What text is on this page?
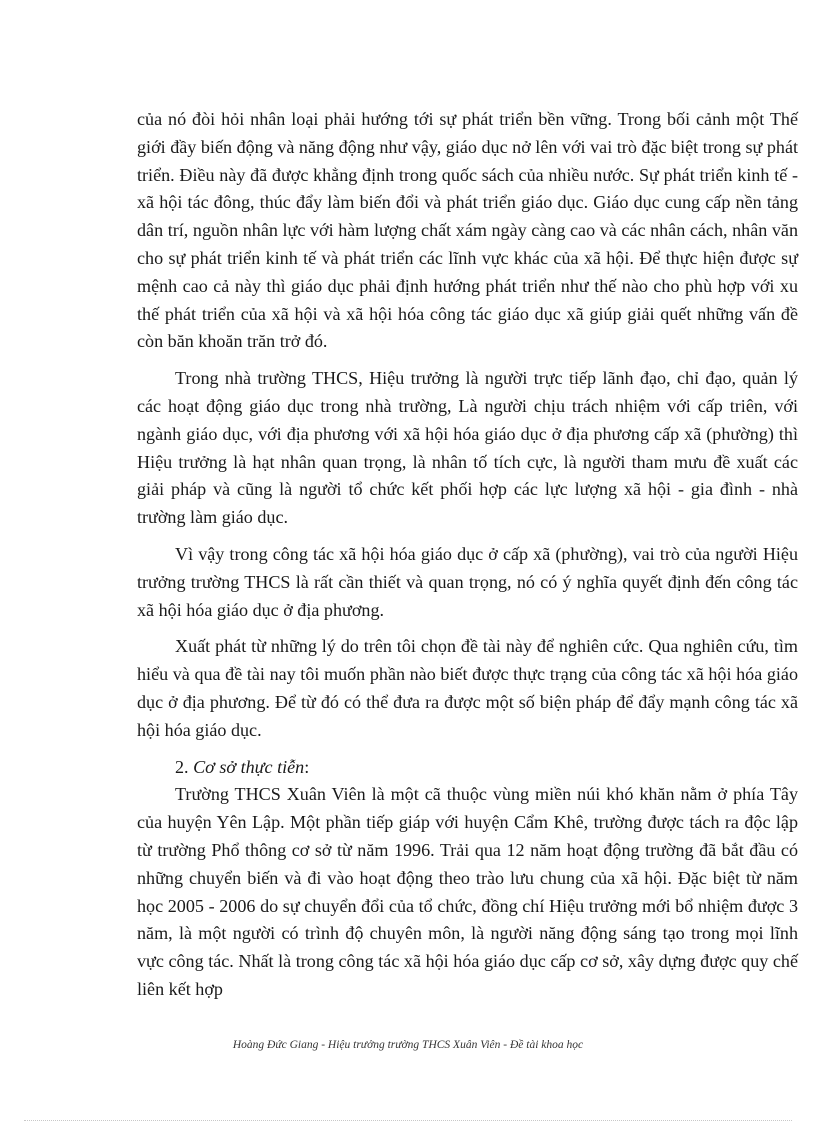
của nó đòi hỏi nhân loại phải hướng tới sự phát triển bền vững. Trong bối cảnh một Thế giới đầy biến động và năng động như vậy, giáo dục nở lên với vai trò đặc biệt trong sự phát triển. Điều này đã được khẳng định trong quốc sách của nhiều nước. Sự phát triển kinh tế - xã hội tác đông, thúc đẩy làm biến đổi và phát triển giáo dục. Giáo dục cung cấp nền tảng dân trí, nguồn nhân lực với hàm lượng chất xám ngày càng cao và các nhân cách, nhân văn cho sự phát triển kinh tế và phát triển các lĩnh vực khác của xã hội. Để thực hiện được sự mệnh cao cả này thì giáo dục phải định hướng phát triển như thế nào cho phù hợp với xu thế phát triển của xã hội và xã hội hóa công tác giáo dục xã giúp giải quết những vấn đề còn băn khoăn trăn trở đó.

Trong nhà trường THCS, Hiệu trưởng là người trực tiếp lãnh đạo, chỉ đạo, quản lý các hoạt động giáo dục trong nhà trường, Là người chịu trách nhiệm với cấp triên, với ngành giáo dục, với địa phương với xã hội hóa giáo dục ở địa phương cấp xã (phường) thì Hiệu trưởng là hạt nhân quan trọng, là nhân tố tích cực, là người tham mưu đề xuất các giải pháp và cũng là người tổ chức kết phối hợp các lực lượng xã hội - gia đình - nhà trường làm giáo dục.

Vì vậy trong công tác xã hội hóa giáo dục ở cấp xã (phường), vai trò của người Hiệu trưởng trường THCS là rất cần thiết và quan trọng, nó có ý nghĩa quyết định đến công tác xã hội hóa giáo dục ở địa phương.

Xuất phát từ những lý do trên tôi chọn đề tài này để nghiên cức. Qua nghiên cứu, tìm hiểu và qua đề tài nay tôi muốn phần nào biết được thực trạng của công tác xã hội hóa giáo dục ở địa phương. Để từ đó có thể đưa ra được một số biện pháp để đẩy mạnh công tác xã hội hóa giáo dục.

2. Cơ sở thực tiễn:

Trường THCS Xuân Viên là một cã thuộc vùng miền núi khó khăn nằm ở phía Tây của huyện Yên Lập. Một phần tiếp giáp với huyện Cẩm Khê, trường được tách ra độc lập từ trường Phổ thông cơ sở từ năm 1996. Trải qua 12 năm hoạt động trường đã bắt đầu có những chuyển biến và đi vào hoạt động theo trào lưu chung của xã hội. Đặc biệt từ năm học 2005 - 2006 do sự chuyển đổi của tổ chức, đồng chí Hiệu trưởng mới bổ nhiệm được 3 năm, là một người có trình độ chuyên môn, là người năng động sáng tạo trong mọi lĩnh vực công tác. Nhất là trong công tác xã hội hóa giáo dục cấp cơ sở, xây dựng được quy chế liên kết hợp

Hoàng Đức Giang - Hiệu trưởng trường THCS Xuân Viên - Đề tài khoa học
